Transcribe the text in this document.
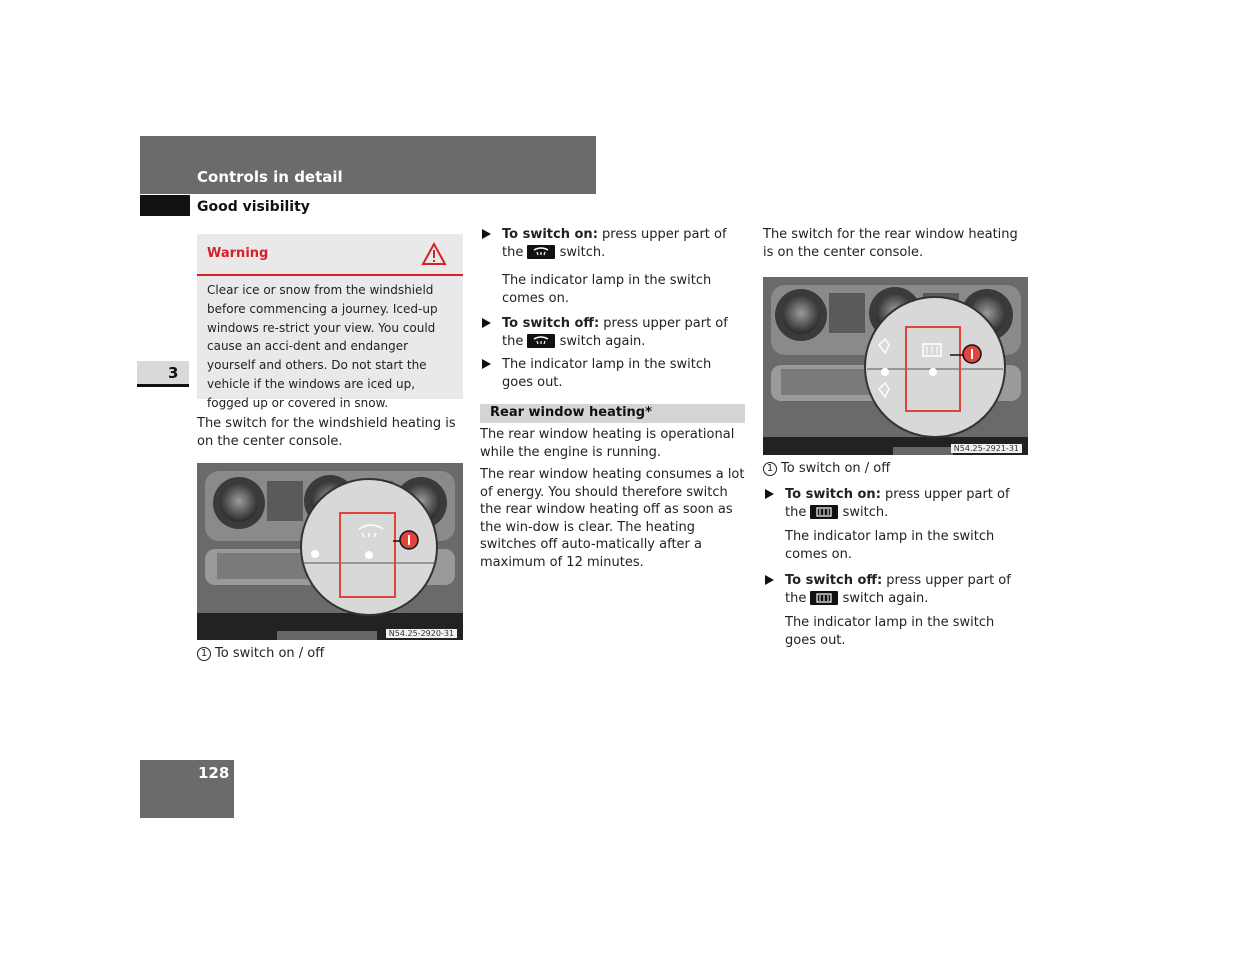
Controls in detail
Good visibility
3
Warning
Clear ice or snow from the windshield before commencing a journey. Iced-up windows re-strict your view. You could cause an acci-dent and endanger yourself and others. Do not start the vehicle if the windows are iced up, fogged up or covered in snow.
The switch for the windshield heating is on the center console.
N54.25-2920-31
1 To switch on / off
To switch on: press upper part of
the	switch.
The indicator lamp in the switch comes on.
To switch off: press upper part of
the	switch again.
The indicator lamp in the switch goes out.
Rear window heating*
The rear window heating is operational while the engine is running.
The rear window heating consumes a lot of energy. You should therefore switch the rear window heating off as soon as the win-dow is clear. The heating switches off auto-matically after a maximum of 12 minutes.
The switch for the rear window heating is on the center console.
N54.25-2921-31
1 To switch on / off
To switch on: press upper part of
the	switch.
The indicator lamp in the switch comes on.
To switch off: press upper part of
the	switch again.
The indicator lamp in the switch goes out.
128
